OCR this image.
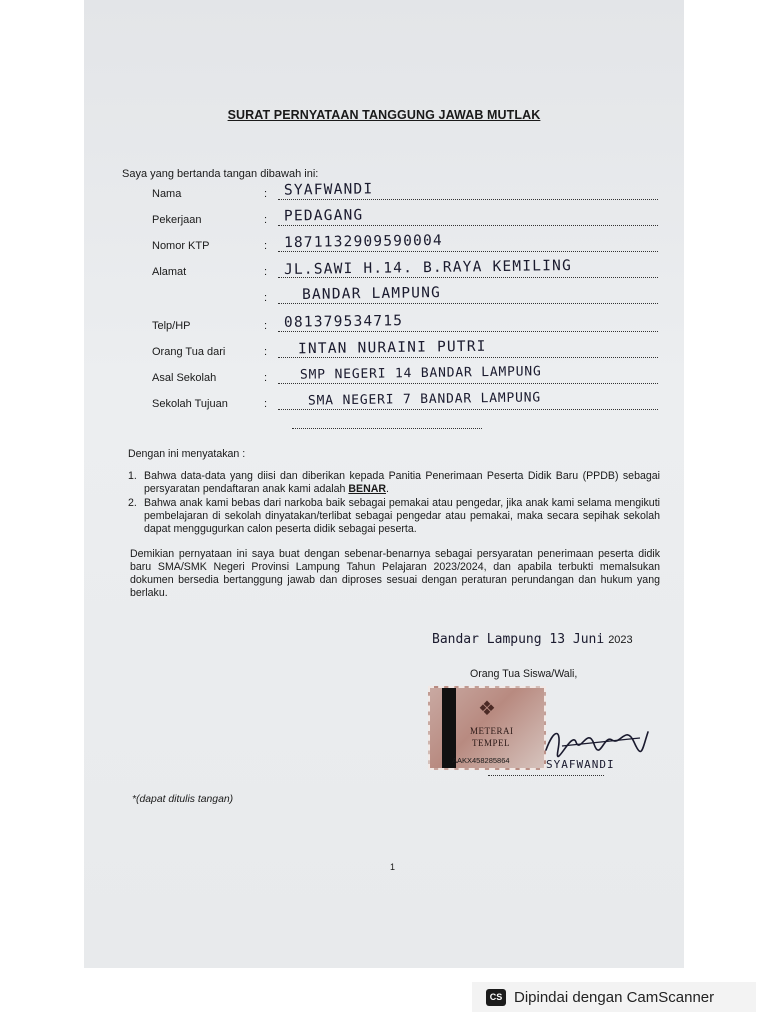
SURAT PERNYATAAN TANGGUNG JAWAB MUTLAK
Saya yang bertanda tangan dibawah ini:
Nama	: SYAFWANDI
Pekerjaan	: PEDAGANG
Nomor KTP	: 1871132909590004
Alamat	: JL.SAWI H.14. B.RAYA KEMILING
: BANDAR LAMPUNG
Telp/HP	: 081379534715
Orang Tua dari	: INTAN NURAINI PUTRI
Asal Sekolah	:	SMP NEGERI 14 BANDAR LAMPUNG
Sekolah Tujuan	:	SMA NEGERI 7 BANDAR LAMPUNG
Dengan ini menyatakan :
1. Bahwa data-data yang diisi dan diberikan kepada Panitia Penerimaan Peserta Didik Baru (PPDB) sebagai persyaratan pendaftaran anak kami adalah BENAR.
2. Bahwa anak kami bebas dari narkoba baik sebagai pemakai atau pengedar, jika anak kami selama mengikuti pembelajaran di sekolah dinyatakan/terlibat sebagai pengedar atau pemakai, maka secara sepihak sekolah dapat menggugurkan calon peserta didik sebagai peserta.
Demikian pernyataan ini saya buat dengan sebenar-benarnya sebagai persyaratan penerimaan peserta didik baru SMA/SMK Negeri Provinsi Lampung Tahun Pelajaran 2023/2024, dan apabila terbukti memalsukan dokumen bersedia bertanggung jawab dan diproses sesuai dengan peraturan perundangan dan hukum yang berlaku.
Bandar Lampung 13 Juni 2023
Orang Tua Siswa/Wali,
❖
METERAI
TEMPEL
AAKX458285864	SYAFWANDI
*(dapat ditulis tangan)
1
CS Dipindai dengan CamScanner
